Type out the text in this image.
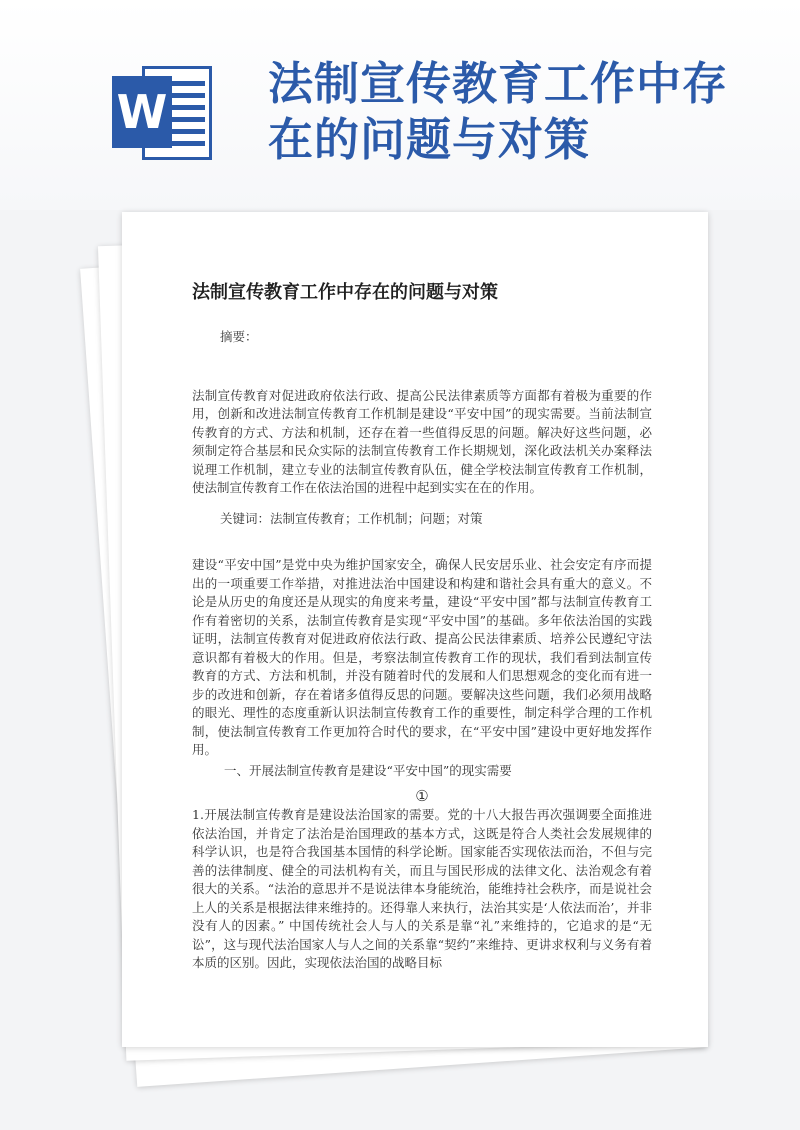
W
法制宣传教育工作中存在的问题与对策
法制宣传教育工作中存在的问题与对策

摘要：

法制宣传教育对促进政府依法行政、提高公民法律素质等方面都有着极为重要的作用，创新和改进法制宣传教育工作机制是建设“平安中国”的现实需要。当前法制宣传教育的方式、方法和机制，还存在着一些值得反思的问题。解决好这些问题，必须制定符合基层和民众实际的法制宣传教育工作长期规划，深化政法机关办案释法说理工作机制，建立专业的法制宣传教育队伍，健全学校法制宣传教育工作机制，使法制宣传教育工作在依法治国的进程中起到实实在在的作用。

关键词：法制宣传教育；工作机制；问题；对策

建设“平安中国”是党中央为维护国家安全，确保人民安居乐业、社会安定有序而提出的一项重要工作举措，对推进法治中国建设和构建和谐社会具有重大的意义。不论是从历史的角度还是从现实的角度来考量，建设“平安中国”都与法制宣传教育工作有着密切的关系，法制宣传教育是实现“平安中国”的基础。多年依法治国的实践证明，法制宣传教育对促进政府依法行政、提高公民法律素质、培养公民遵纪守法意识都有着极大的作用。但是，考察法制宣传教育工作的现状，我们看到法制宣传教育的方式、方法和机制，并没有随着时代的发展和人们思想观念的变化而有进一步的改进和创新，存在着诸多值得反思的问题。要解决这些问题，我们必须用战略的眼光、理性的态度重新认识法制宣传教育工作的重要性，制定科学合理的工作机制，使法制宣传教育工作更加符合时代的要求，在“平安中国”建设中更好地发挥作用。

一、开展法制宣传教育是建设“平安中国”的现实需要

①

1.开展法制宣传教育是建设法治国家的需要。党的十八大报告再次强调要全面推进依法治国，并肯定了法治是治国理政的基本方式，这既是符合人类社会发展规律的科学认识，也是符合我国基本国情的科学论断。国家能否实现依法而治，不但与完善的法律制度、健全的司法机构有关，而且与国民形成的法律文化、法治观念有着很大的关系。“法治的意思并不是说法律本身能统治，能维持社会秩序，而是说社会上人的关系是根据法律来维持的。还得靠人来执行，法治其实是‘人依法而治’，并非没有人的因素。” 中国传统社会人与人的关系是靠“礼”来维持的，它追求的是“无讼”，这与现代法治国家人与人之间的关系靠“契约”来维持、更讲求权利与义务有着本质的区别。因此，实现依法治国的战略目标
